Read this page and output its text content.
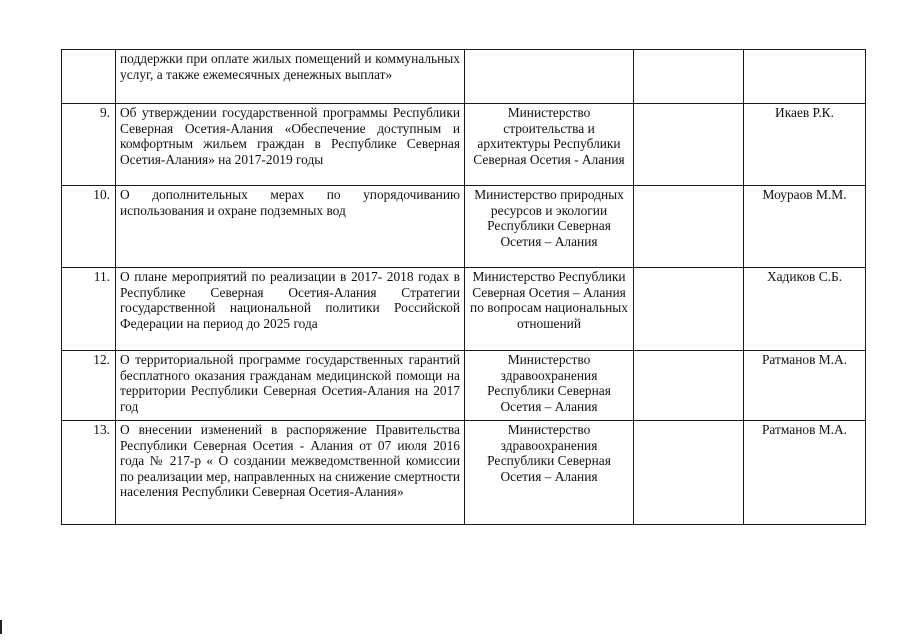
	поддержки при оплате жилых помещений и коммунальных услуг, а также ежемесячных денежных выплат»			
9.	Об утверждении государственной программы Республики Северная Осетия-Алания «Обеспечение доступным и комфортным жильем граждан в Республике Северная Осетия-Алания» на 2017-2019 годы	Министерство строительства и архитектуры Республики Северная Осетия - Алания		Икаев Р.К.
10.	О дополнительных мерах по упорядочиванию использования и охране подземных вод	Министерство природных ресурсов и экологии Республики Северная Осетия – Алания		Моураов М.М.
11.	О плане мероприятий по реализации в 2017- 2018 годах в Республике Северная Осетия-Алания Стратегии государственной национальной политики Российской Федерации на период до 2025 года	Министерство Республики Северная Осетия – Алания по вопросам национальных отношений		Хадиков С.Б.
12.	О территориальной программе государственных гарантий бесплатного оказания гражданам медицинской помощи на территории Республики Северная Осетия-Алания на 2017 год	Министерство здравоохранения Республики Северная Осетия – Алания		Ратманов М.А.
13.	О внесении изменений в распоряжение Правительства Республики Северная Осетия - Алания от 07 июля 2016 года № 217-р « О создании межведомственной комиссии по реализации мер, направленных на снижение смертности населения Республики Северная Осетия-Алания»	Министерство здравоохранения Республики Северная Осетия – Алания		Ратманов М.А.
